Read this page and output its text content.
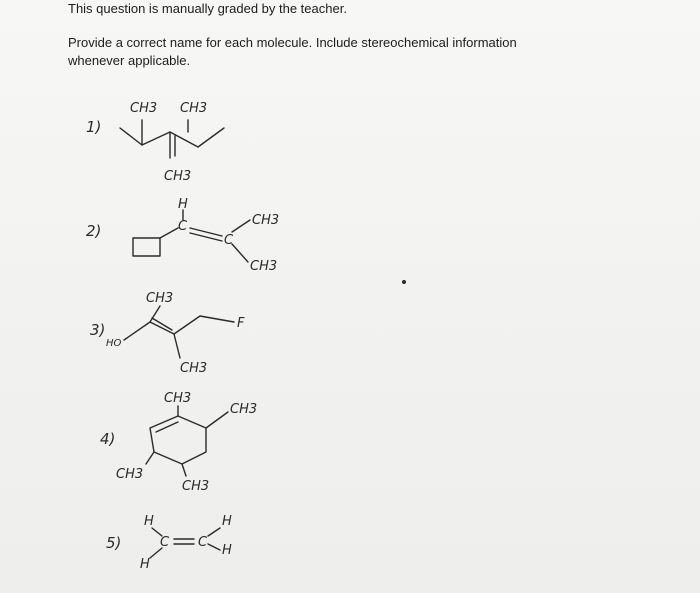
This question is manually graded by the teacher.
Provide a correct name for each molecule. Include stereochemical information whenever applicable.
1)
CH3 CH3
CH3
2)
H
C
C
CH3
CH3
3)
HO
CH3
CH3
F
4)
CH3
CH3
CH3
CH3
5)
H
C C
H
H
H
